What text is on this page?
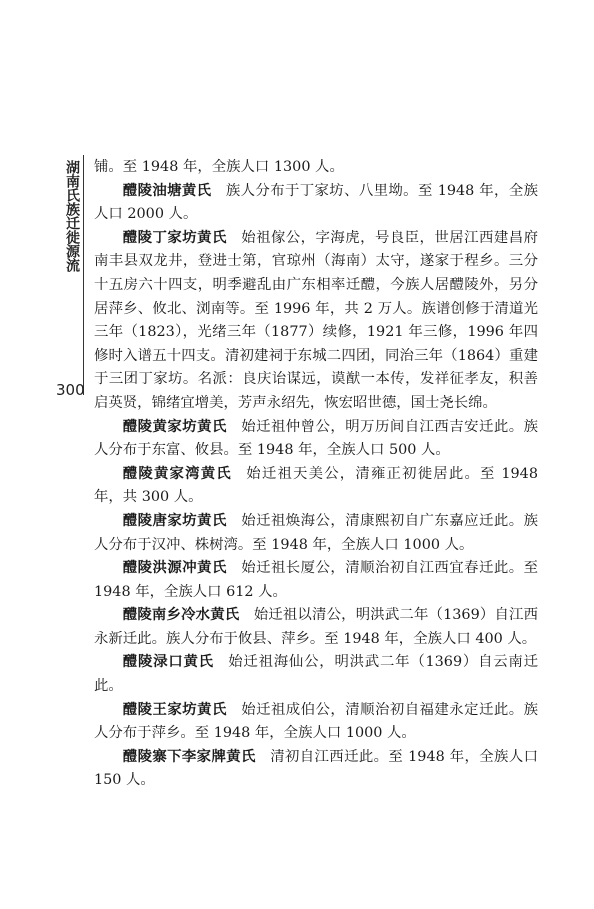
湖南氏族迁徙源流
300

铺。至 1948 年，全族人口 1300 人。

醴陵油塘黄氏 族人分布于丁家坊、八里坳。至 1948 年，全族人口 2000 人。

醴陵丁家坊黄氏 始祖傢公，字海虎，号良臣，世居江西建昌府南丰县双龙井，登进士第，官琼州（海南）太守，遂家于程乡。三分十五房六十四支，明季避乱由广东相率迁醴，今族人居醴陵外，另分居萍乡、攸北、浏南等。至 1996 年，共 2 万人。族谱创修于清道光三年（1823），光绪三年（1877）续修，1921 年三修，1996 年四修时入谱五十四支。清初建祠于东城二四团，同治三年（1864）重建于三团丁家坊。名派：良庆诒谋远，谟猷一本传，发祥征孝友，积善启英贤，锦绪宜增美，芳声永绍先，恢宏昭世德，国士尧长绵。

醴陵黄家坊黄氏 始迁祖仲曾公，明万历间自江西吉安迁此。族人分布于东富、攸县。至 1948 年，全族人口 500 人。

醴陵黄家湾黄氏 始迁祖天美公，清雍正初徙居此。至 1948 年，共 300 人。

醴陵唐家坊黄氏 始迁祖焕海公，清康熙初自广东嘉应迁此。族人分布于汉冲、株树湾。至 1948 年，全族人口 1000 人。

醴陵洪源冲黄氏 始迁祖长厦公，清顺治初自江西宜春迁此。至 1948 年，全族人口 612 人。

醴陵南乡冷水黄氏 始迁祖以清公，明洪武二年（1369）自江西永新迁此。族人分布于攸县、萍乡。至 1948 年，全族人口 400 人。

醴陵渌口黄氏 始迁祖海仙公，明洪武二年（1369）自云南迁此。

醴陵王家坊黄氏 始迁祖成伯公，清顺治初自福建永定迁此。族人分布于萍乡。至 1948 年，全族人口 1000 人。

醴陵寨下李家牌黄氏 清初自江西迁此。至 1948 年，全族人口 150 人。
